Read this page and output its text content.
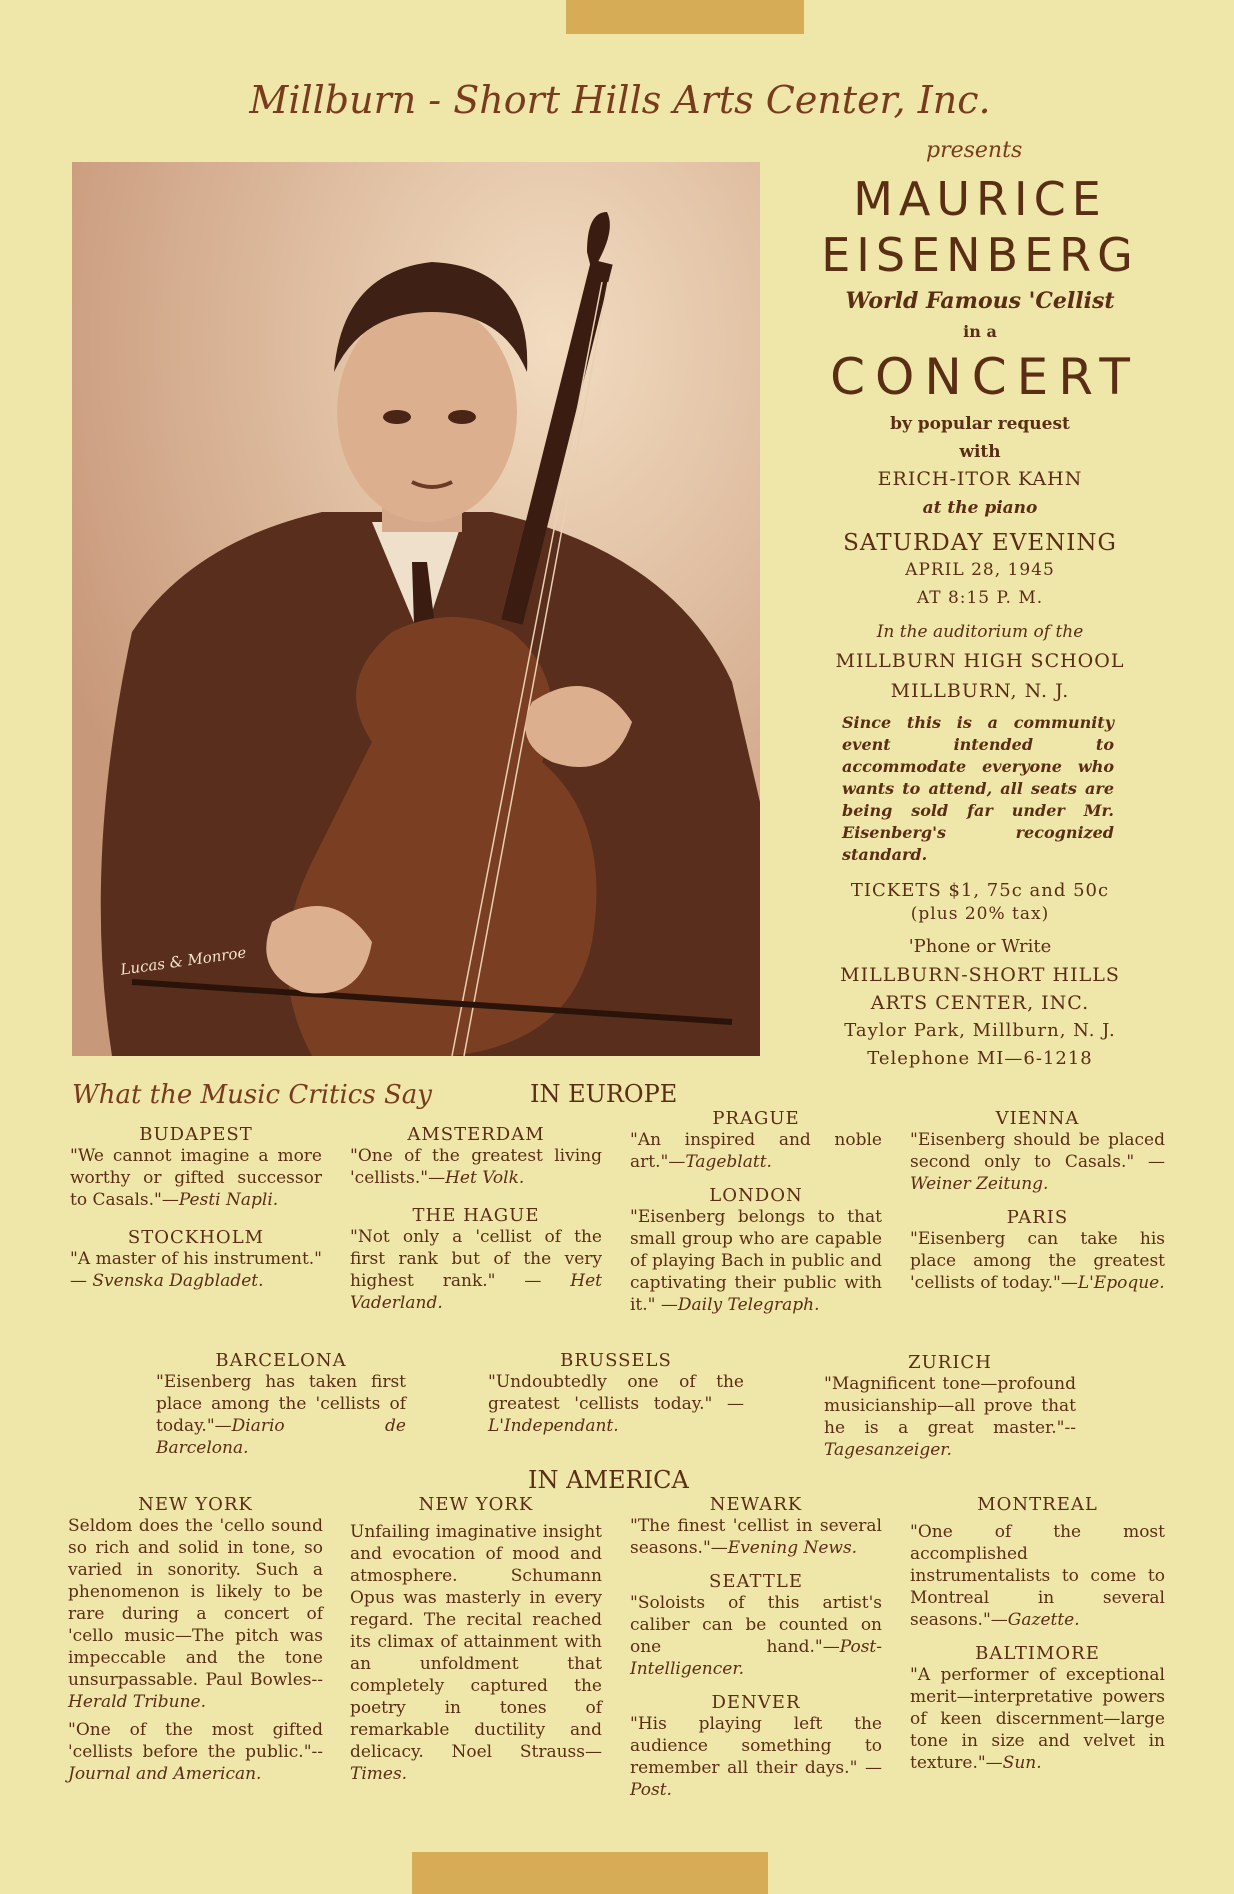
Millburn - Short Hills Arts Center, Inc.
presents
Lucas & Monroe
MAURICE
EISENBERG
World Famous 'Cellist
in a
CONCERT
by popular request
with
ERICH-ITOR KAHN
at the piano
SATURDAY EVENING
APRIL 28, 1945
AT 8:15 P. M.
In the auditorium of the
MILLBURN HIGH SCHOOL
MILLBURN, N. J.
Since this is a community event intended to accommodate everyone who wants to attend, all seats are being sold far under Mr. Eisenberg's recognized standard.
TICKETS $1, 75c and 50c
(plus 20% tax)
'Phone or Write
MILLBURN-SHORT HILLS
ARTS CENTER, INC.
Taylor Park, Millburn, N. J.
Telephone MI—6-1218
What the Music Critics Say	IN EUROPE
BUDAPEST
"We cannot imagine a more worthy or gifted successor to Casals."—Pesti Napli.
STOCKHOLM
"A master of his instrument." — Svenska Dagbladet.
AMSTERDAM
"One of the greatest living 'cellists."—Het Volk.
THE HAGUE
"Not only a 'cellist of the first rank but of the very highest rank." — Het Vaderland.
PRAGUE
"An inspired and noble art."—Tageblatt.
LONDON
"Eisenberg belongs to that small group who are capable of playing Bach in public and captivating their public with it." —Daily Telegraph.
VIENNA
"Eisenberg should be placed second only to Casals." — Weiner Zeitung.
PARIS
"Eisenberg can take his place among the greatest 'cellists of today."—L'Epoque.
BARCELONA
"Eisenberg has taken first place among the 'cellists of today."—Diario de Barcelona.
BRUSSELS
"Undoubtedly one of the greatest 'cellists today." —L'Independant.
ZURICH
"Magnificent tone—profound musicianship—all prove that he is a great master."--Tagesanzeiger.
IN AMERICA
NEW YORK
Seldom does the 'cello sound so rich and solid in tone, so varied in sonority. Such a phenomenon is likely to be rare during a concert of 'cello music—The pitch was impeccable and the tone unsurpassable. Paul Bowles--Herald Tribune.
"One of the most gifted 'cellists before the public."--Journal and American.
NEW YORK
Unfailing imaginative insight and evocation of mood and atmosphere. Schumann Opus was masterly in every regard. The recital reached its climax of attainment with an unfoldment that completely captured the poetry in tones of remarkable ductility and delicacy. Noel Strauss—Times.
NEWARK
"The finest 'cellist in several seasons."—Evening News.
SEATTLE
"Soloists of this artist's caliber can be counted on one hand."—Post-Intelligencer.
DENVER
"His playing left the audience something to remember all their days." —Post.
MONTREAL
"One of the most accomplished instrumentalists to come to Montreal in several seasons."—Gazette.
BALTIMORE
"A performer of exceptional merit—interpretative powers of keen discernment—large tone in size and velvet in texture."—Sun.
